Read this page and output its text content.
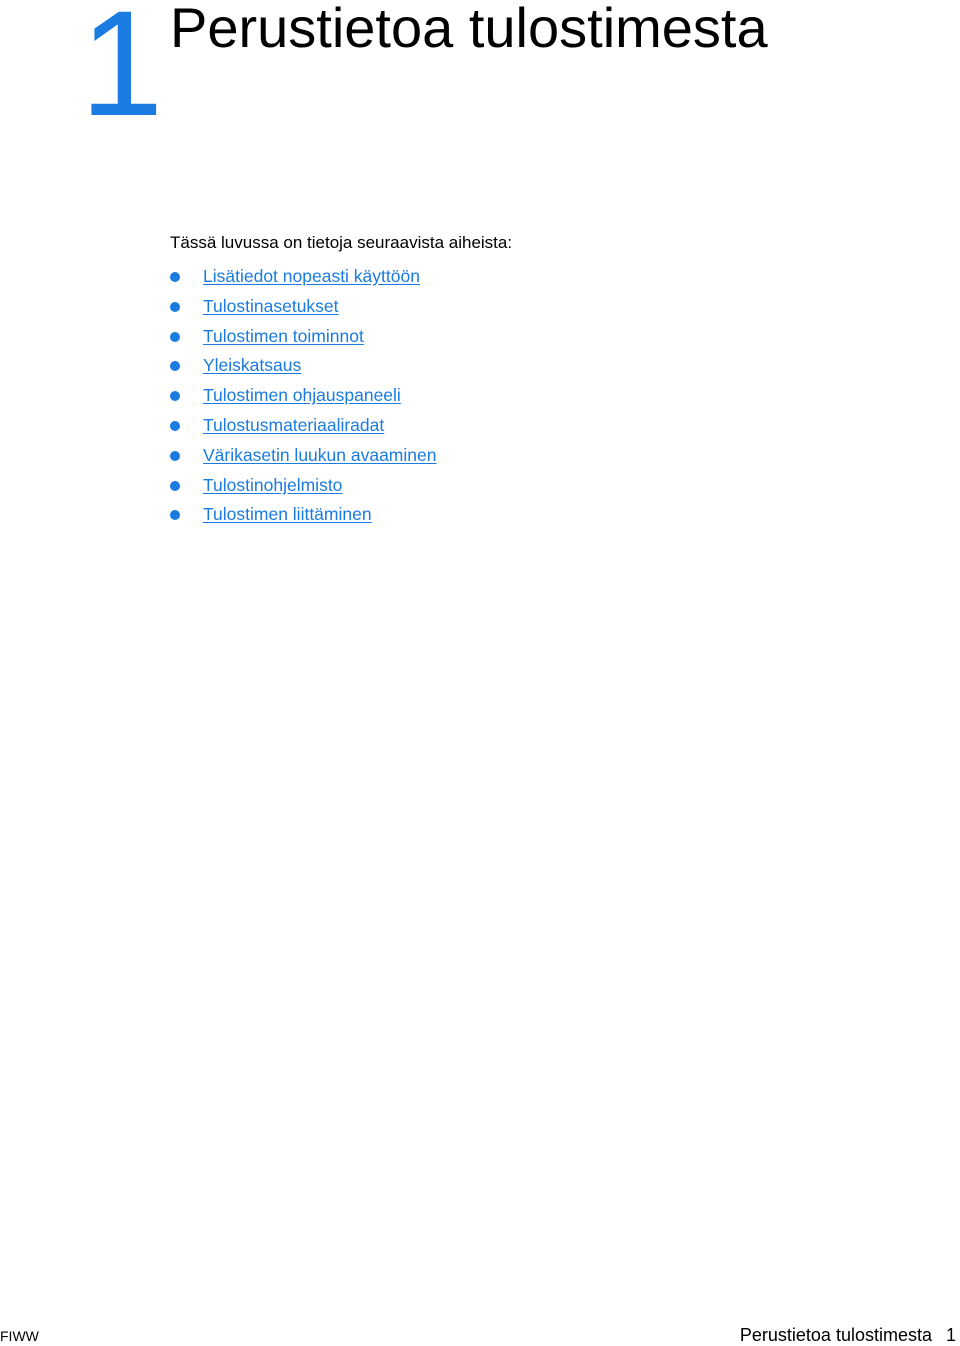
1 Perustietoa tulostimesta

Tässä luvussa on tietoja seuraavista aiheista:

Lisätiedot nopeasti käyttöön
Tulostinasetukset
Tulostimen toiminnot
Yleiskatsaus
Tulostimen ohjauspaneeli
Tulostusmateriaaliradat
Värikasetin luukun avaaminen
Tulostinohjelmisto
Tulostimen liittäminen
FIWW	Perustietoa tulostimesta 1
